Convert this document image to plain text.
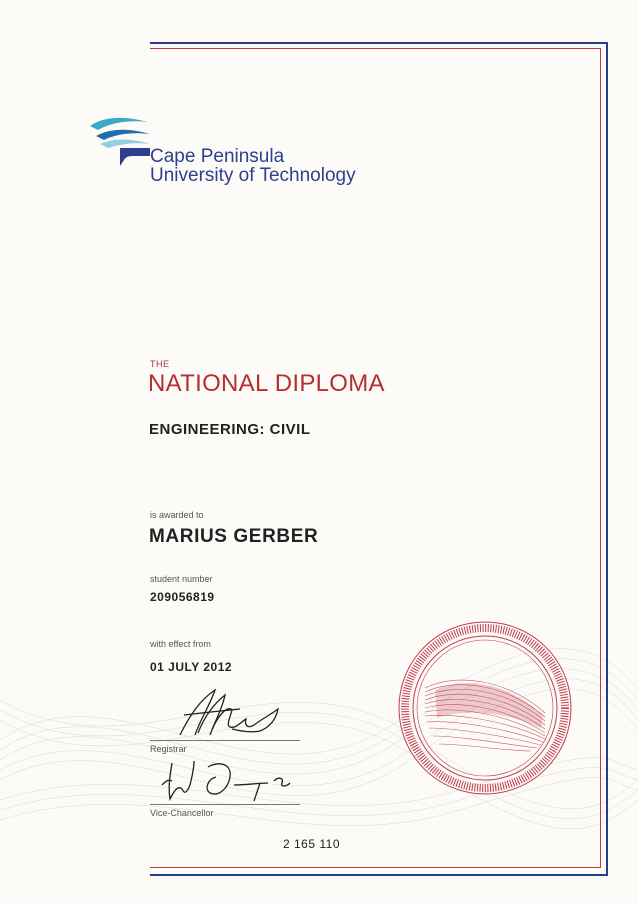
Cape Peninsula
University of Technology
THE
NATIONAL DIPLOMA
ENGINEERING: CIVIL
is awarded to
MARIUS GERBER
student number
209056819
with effect from
01 JULY 2012
Registrar
Vice-Chancellor
2 165 110
